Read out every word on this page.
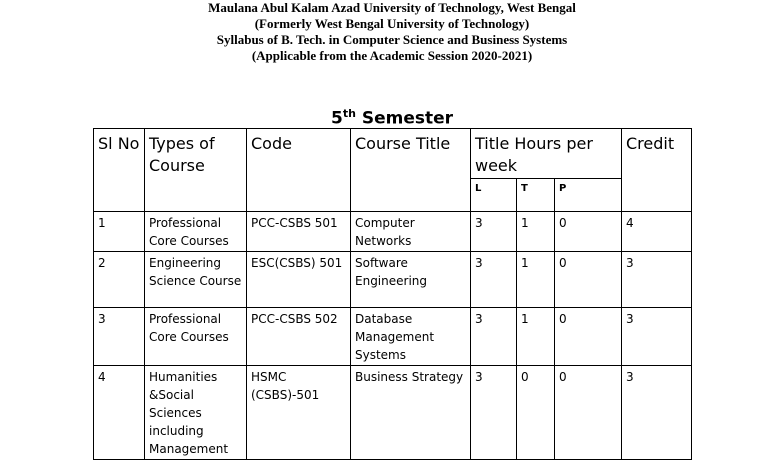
Maulana Abul Kalam Azad University of Technology, West Bengal
(Formerly West Bengal University of Technology)
Syllabus of B. Tech. in Computer Science and Business Systems
(Applicable from the Academic Session 2020-2021)
5th Semester
Sl No	Types of Course	Code	Course Title	Title Hours per week			Credit
				L	T	P	
1	Professional Core Courses	PCC-CSBS 501	Computer Networks	3	1	0	4
2	Engineering Science Course	ESC(CSBS) 501	Software Engineering	3	1	0	3
3	Professional Core Courses	PCC-CSBS 502	Database Management Systems	3	1	0	3
4	Humanities &Social Sciences including Management	HSMC (CSBS)-501	Business Strategy	3	0	0	3
